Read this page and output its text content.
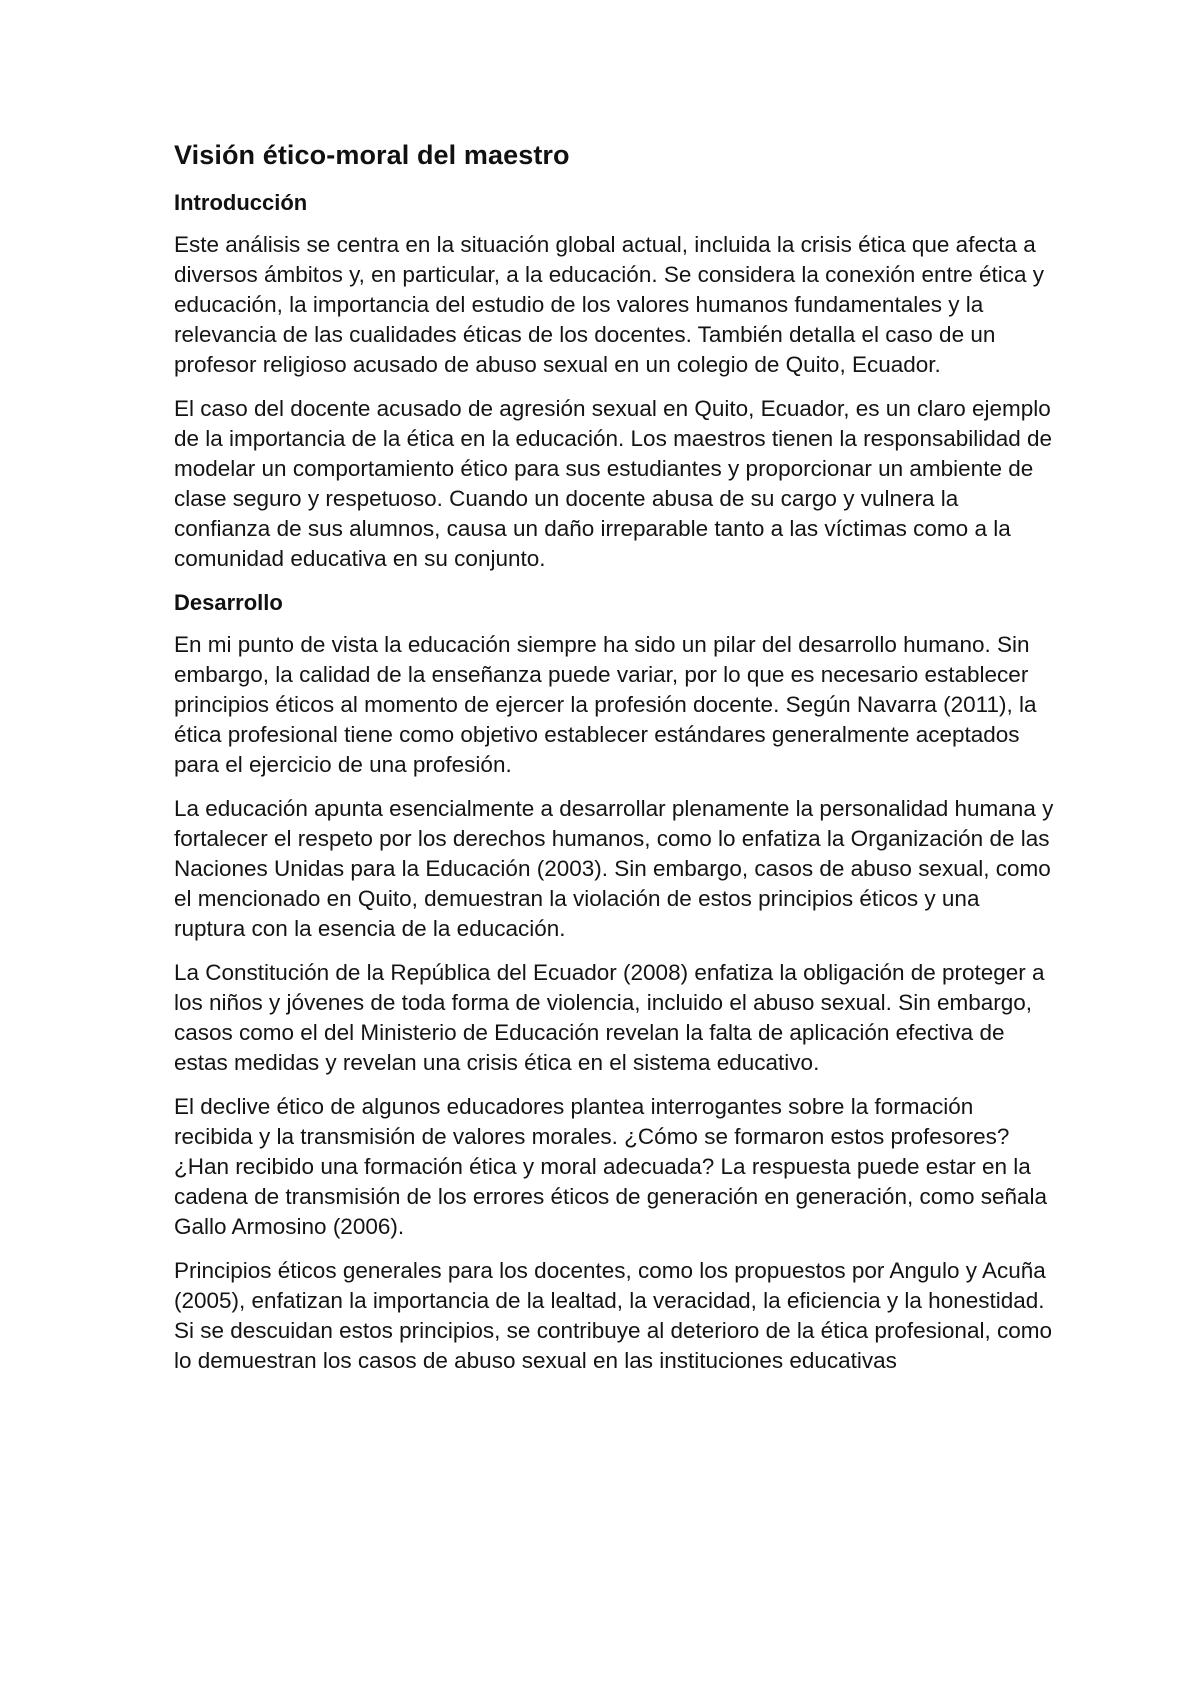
Visión ético-moral del maestro
Introducción

Este análisis se centra en la situación global actual, incluida la crisis ética que afecta a diversos ámbitos y, en particular, a la educación. Se considera la conexión entre ética y educación, la importancia del estudio de los valores humanos fundamentales y la relevancia de las cualidades éticas de los docentes. También detalla el caso de un profesor religioso acusado de abuso sexual en un colegio de Quito, Ecuador.

El caso del docente acusado de agresión sexual en Quito, Ecuador, es un claro ejemplo de la importancia de la ética en la educación. Los maestros tienen la responsabilidad de modelar un comportamiento ético para sus estudiantes y proporcionar un ambiente de clase seguro y respetuoso. Cuando un docente abusa de su cargo y vulnera la confianza de sus alumnos, causa un daño irreparable tanto a las víctimas como a la comunidad educativa en su conjunto.

Desarrollo

En mi punto de vista la educación siempre ha sido un pilar del desarrollo humano. Sin embargo, la calidad de la enseñanza puede variar, por lo que es necesario establecer principios éticos al momento de ejercer la profesión docente. Según Navarra (2011), la ética profesional tiene como objetivo establecer estándares generalmente aceptados para el ejercicio de una profesión.

La educación apunta esencialmente a desarrollar plenamente la personalidad humana y fortalecer el respeto por los derechos humanos, como lo enfatiza la Organización de las Naciones Unidas para la Educación (2003). Sin embargo, casos de abuso sexual, como el mencionado en Quito, demuestran la violación de estos principios éticos y una ruptura con la esencia de la educación.

La Constitución de la República del Ecuador (2008) enfatiza la obligación de proteger a los niños y jóvenes de toda forma de violencia, incluido el abuso sexual. Sin embargo, casos como el del Ministerio de Educación revelan la falta de aplicación efectiva de estas medidas y revelan una crisis ética en el sistema educativo.

El declive ético de algunos educadores plantea interrogantes sobre la formación recibida y la transmisión de valores morales. ¿Cómo se formaron estos profesores? ¿Han recibido una formación ética y moral adecuada? La respuesta puede estar en la cadena de transmisión de los errores éticos de generación en generación, como señala Gallo Armosino (2006).

Principios éticos generales para los docentes, como los propuestos por Angulo y Acuña (2005), enfatizan la importancia de la lealtad, la veracidad, la eficiencia y la honestidad. Si se descuidan estos principios, se contribuye al deterioro de la ética profesional, como lo demuestran los casos de abuso sexual en las instituciones educativas
